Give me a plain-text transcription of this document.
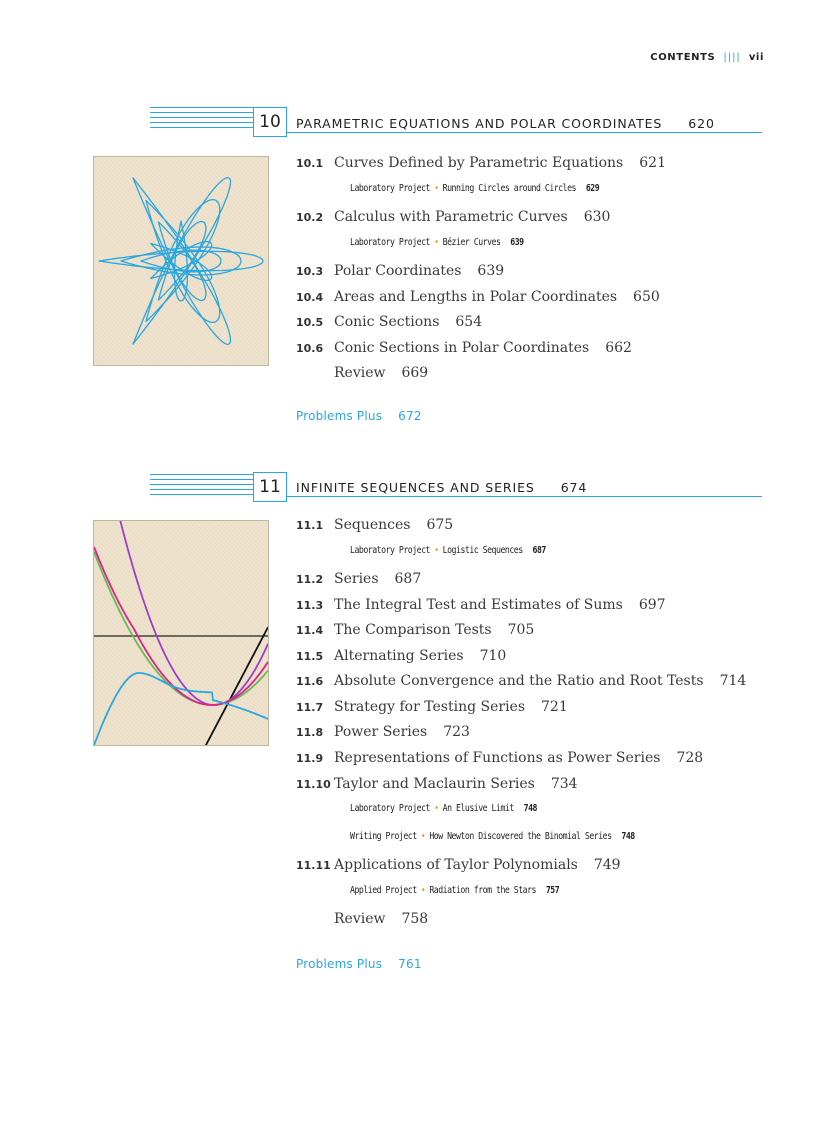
CONTENTS |||| vii
10	PARAMETRIC EQUATIONS AND POLAR COORDINATES 620
10.1 Curves Defined by Parametric Equations 621
Laboratory Project • Running Circles around Circles 629
10.2 Calculus with Parametric Curves 630
Laboratory Project • Bézier Curves 639
10.3 Polar Coordinates 639
10.4 Areas and Lengths in Polar Coordinates 650
10.5 Conic Sections 654
10.6 Conic Sections in Polar Coordinates 662
Review 669
Problems Plus 672
11	INFINITE SEQUENCES AND SERIES 674
11.1 Sequences 675
Laboratory Project • Logistic Sequences 687
11.2 Series 687
11.3 The Integral Test and Estimates of Sums 697
11.4 The Comparison Tests 705
11.5 Alternating Series 710
11.6 Absolute Convergence and the Ratio and Root Tests 714
11.7 Strategy for Testing Series 721
11.8 Power Series 723
11.9 Representations of Functions as Power Series 728
11.10 Taylor and Maclaurin Series 734
Laboratory Project • An Elusive Limit 748
Writing Project • How Newton Discovered the Binomial Series 748
11.11 Applications of Taylor Polynomials 749
Applied Project • Radiation from the Stars 757
Review 758
Problems Plus 761
